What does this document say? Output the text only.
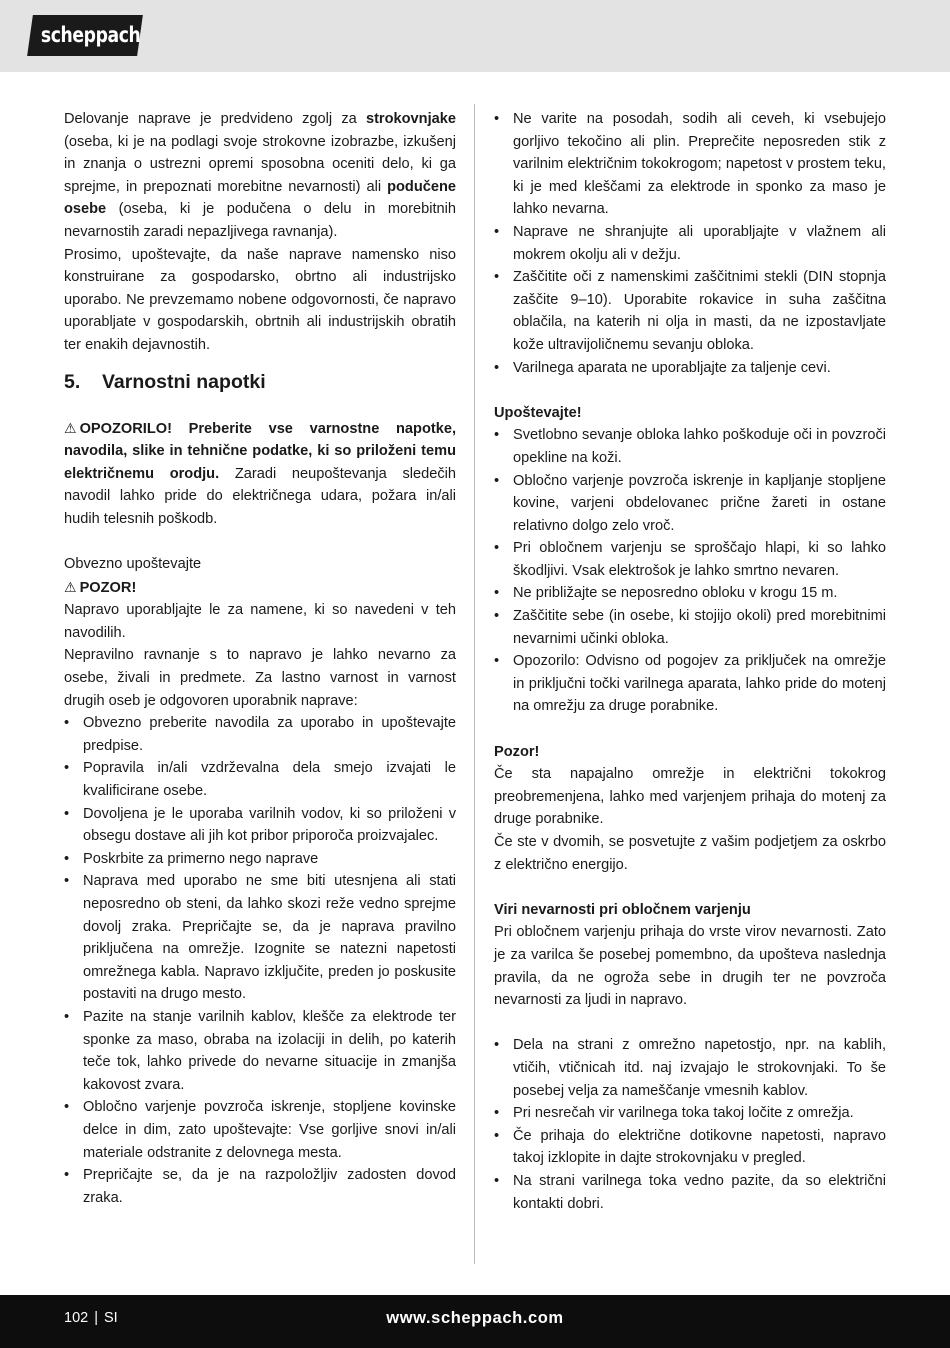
scheppach

Delovanje naprave je predvideno zgolj za strokovnjake (oseba, ki je na podlagi svoje strokovne izobrazbe, izkušenj in znanja o ustrezni opremi sposobna oceniti delo, ki ga sprejme, in prepoznati morebitne nevarnosti) ali podučene osebe (oseba, ki je podučena o delu in morebitnih nevarnostih zaradi nepazljivega ravnanja).

Prosimo, upoštevajte, da naše naprave namensko niso konstruirane za gospodarsko, obrtno ali industrijsko uporabo. Ne prevzemamo nobene odgovornosti, če napravo uporabljate v gospodarskih, obrtnih ali industrijskih obratih ter enakih dejavnostih.

5. Varnostni napotki

⚠ OPOZORILO! Preberite vse varnostne napotke, navodila, slike in tehnične podatke, ki so priloženi temu električnemu orodju. Zaradi neupoštevanja sledečih navodil lahko pride do električnega udara, požara in/ali hudih telesnih poškodb.

Obvezno upoštevajte

⚠ POZOR!

Napravo uporabljajte le za namene, ki so navedeni v teh navodilih.

Nepravilno ravnanje s to napravo je lahko nevarno za osebe, živali in predmete. Za lastno varnost in varnost drugih oseb je odgovoren uporabnik naprave:

• Obvezno preberite navodila za uporabo in upoštevajte predpise.
• Popravila in/ali vzdrževalna dela smejo izvajati le kvalificirane osebe.
• Dovoljena je le uporaba varilnih vodov, ki so priloženi v obsegu dostave ali jih kot pribor priporoča proizvajalec.
• Poskrbite za primerno nego naprave
• Naprava med uporabo ne sme biti utesnjena ali stati neposredno ob steni, da lahko skozi reže vedno sprejme dovolj zraka. Prepričajte se, da je naprava pravilno priključena na omrežje. Izognite se natezni napetosti omrežnega kabla. Napravo izključite, preden jo poskusite postaviti na drugo mesto.
• Pazite na stanje varilnih kablov, klešče za elektrode ter sponke za maso, obraba na izolaciji in delih, po katerih teče tok, lahko privede do nevarne situacije in zmanjša kakovost zvara.
• Obločno varjenje povzroča iskrenje, stopljene kovinske delce in dim, zato upoštevajte: Vse gorljive snovi in/ali materiale odstranite z delovnega mesta.
• Prepričajte se, da je na razpoložljiv zadosten dovod zraka.
• Ne varite na posodah, sodih ali ceveh, ki vsebujejo gorljivo tekočino ali plin. Preprečite neposreden stik z varilnim električnim tokokrogom; napetost v prostem teku, ki je med kleščami za elektrode in sponko za maso je lahko nevarna.
• Naprave ne shranjujte ali uporabljajte v vlažnem ali mokrem okolju ali v dežju.
• Zaščitite oči z namenskimi zaščitnimi stekli (DIN stopnja zaščite 9–10). Uporabite rokavice in suha zaščitna oblačila, na katerih ni olja in masti, da ne izpostavljate kože ultravijoličnemu sevanju obloka.
• Varilnega aparata ne uporabljajte za taljenje cevi.

Upoštevajte!

• Svetlobno sevanje obloka lahko poškoduje oči in povzroči opekline na koži.
• Obločno varjenje povzroča iskrenje in kapljanje stopljene kovine, varjeni obdelovanec prične žareti in ostane relativno dolgo zelo vroč.
• Pri obločnem varjenju se sproščajo hlapi, ki so lahko škodljivi. Vsak elektrošok je lahko smrtno nevaren.
• Ne približajte se neposredno obloku v krogu 15 m.
• Zaščitite sebe (in osebe, ki stojijo okoli) pred morebitnimi nevarnimi učinki obloka.
• Opozorilo: Odvisno od pogojev za priključek na omrežje in priključni točki varilnega aparata, lahko pride do motenj na omrežju za druge porabnike.

Pozor!

Če sta napajalno omrežje in električni tokokrog preobremenjena, lahko med varjenjem prihaja do motenj za druge porabnike.

Če ste v dvomih, se posvetujte z vašim podjetjem za oskrbo z električno energijo.

Viri nevarnosti pri obločnem varjenju

Pri obločnem varjenju prihaja do vrste virov nevarnosti. Zato je za varilca še posebej pomembno, da upošteva naslednja pravila, da ne ogroža sebe in drugih ter ne povzroča nevarnosti za ljudi in napravo.

• Dela na strani z omrežno napetostjo, npr. na kablih, vtičih, vtičnicah itd. naj izvajajo le strokovnjaki. To še posebej velja za nameščanje vmesnih kablov.
• Pri nesrečah vir varilnega toka takoj ločite z omrežja.
• Če prihaja do električne dotikovne napetosti, napravo takoj izklopite in dajte strokovnjaku v pregled.
• Na strani varilnega toka vedno pazite, da so električni kontakti dobri.
102 | SI	www.scheppach.com
